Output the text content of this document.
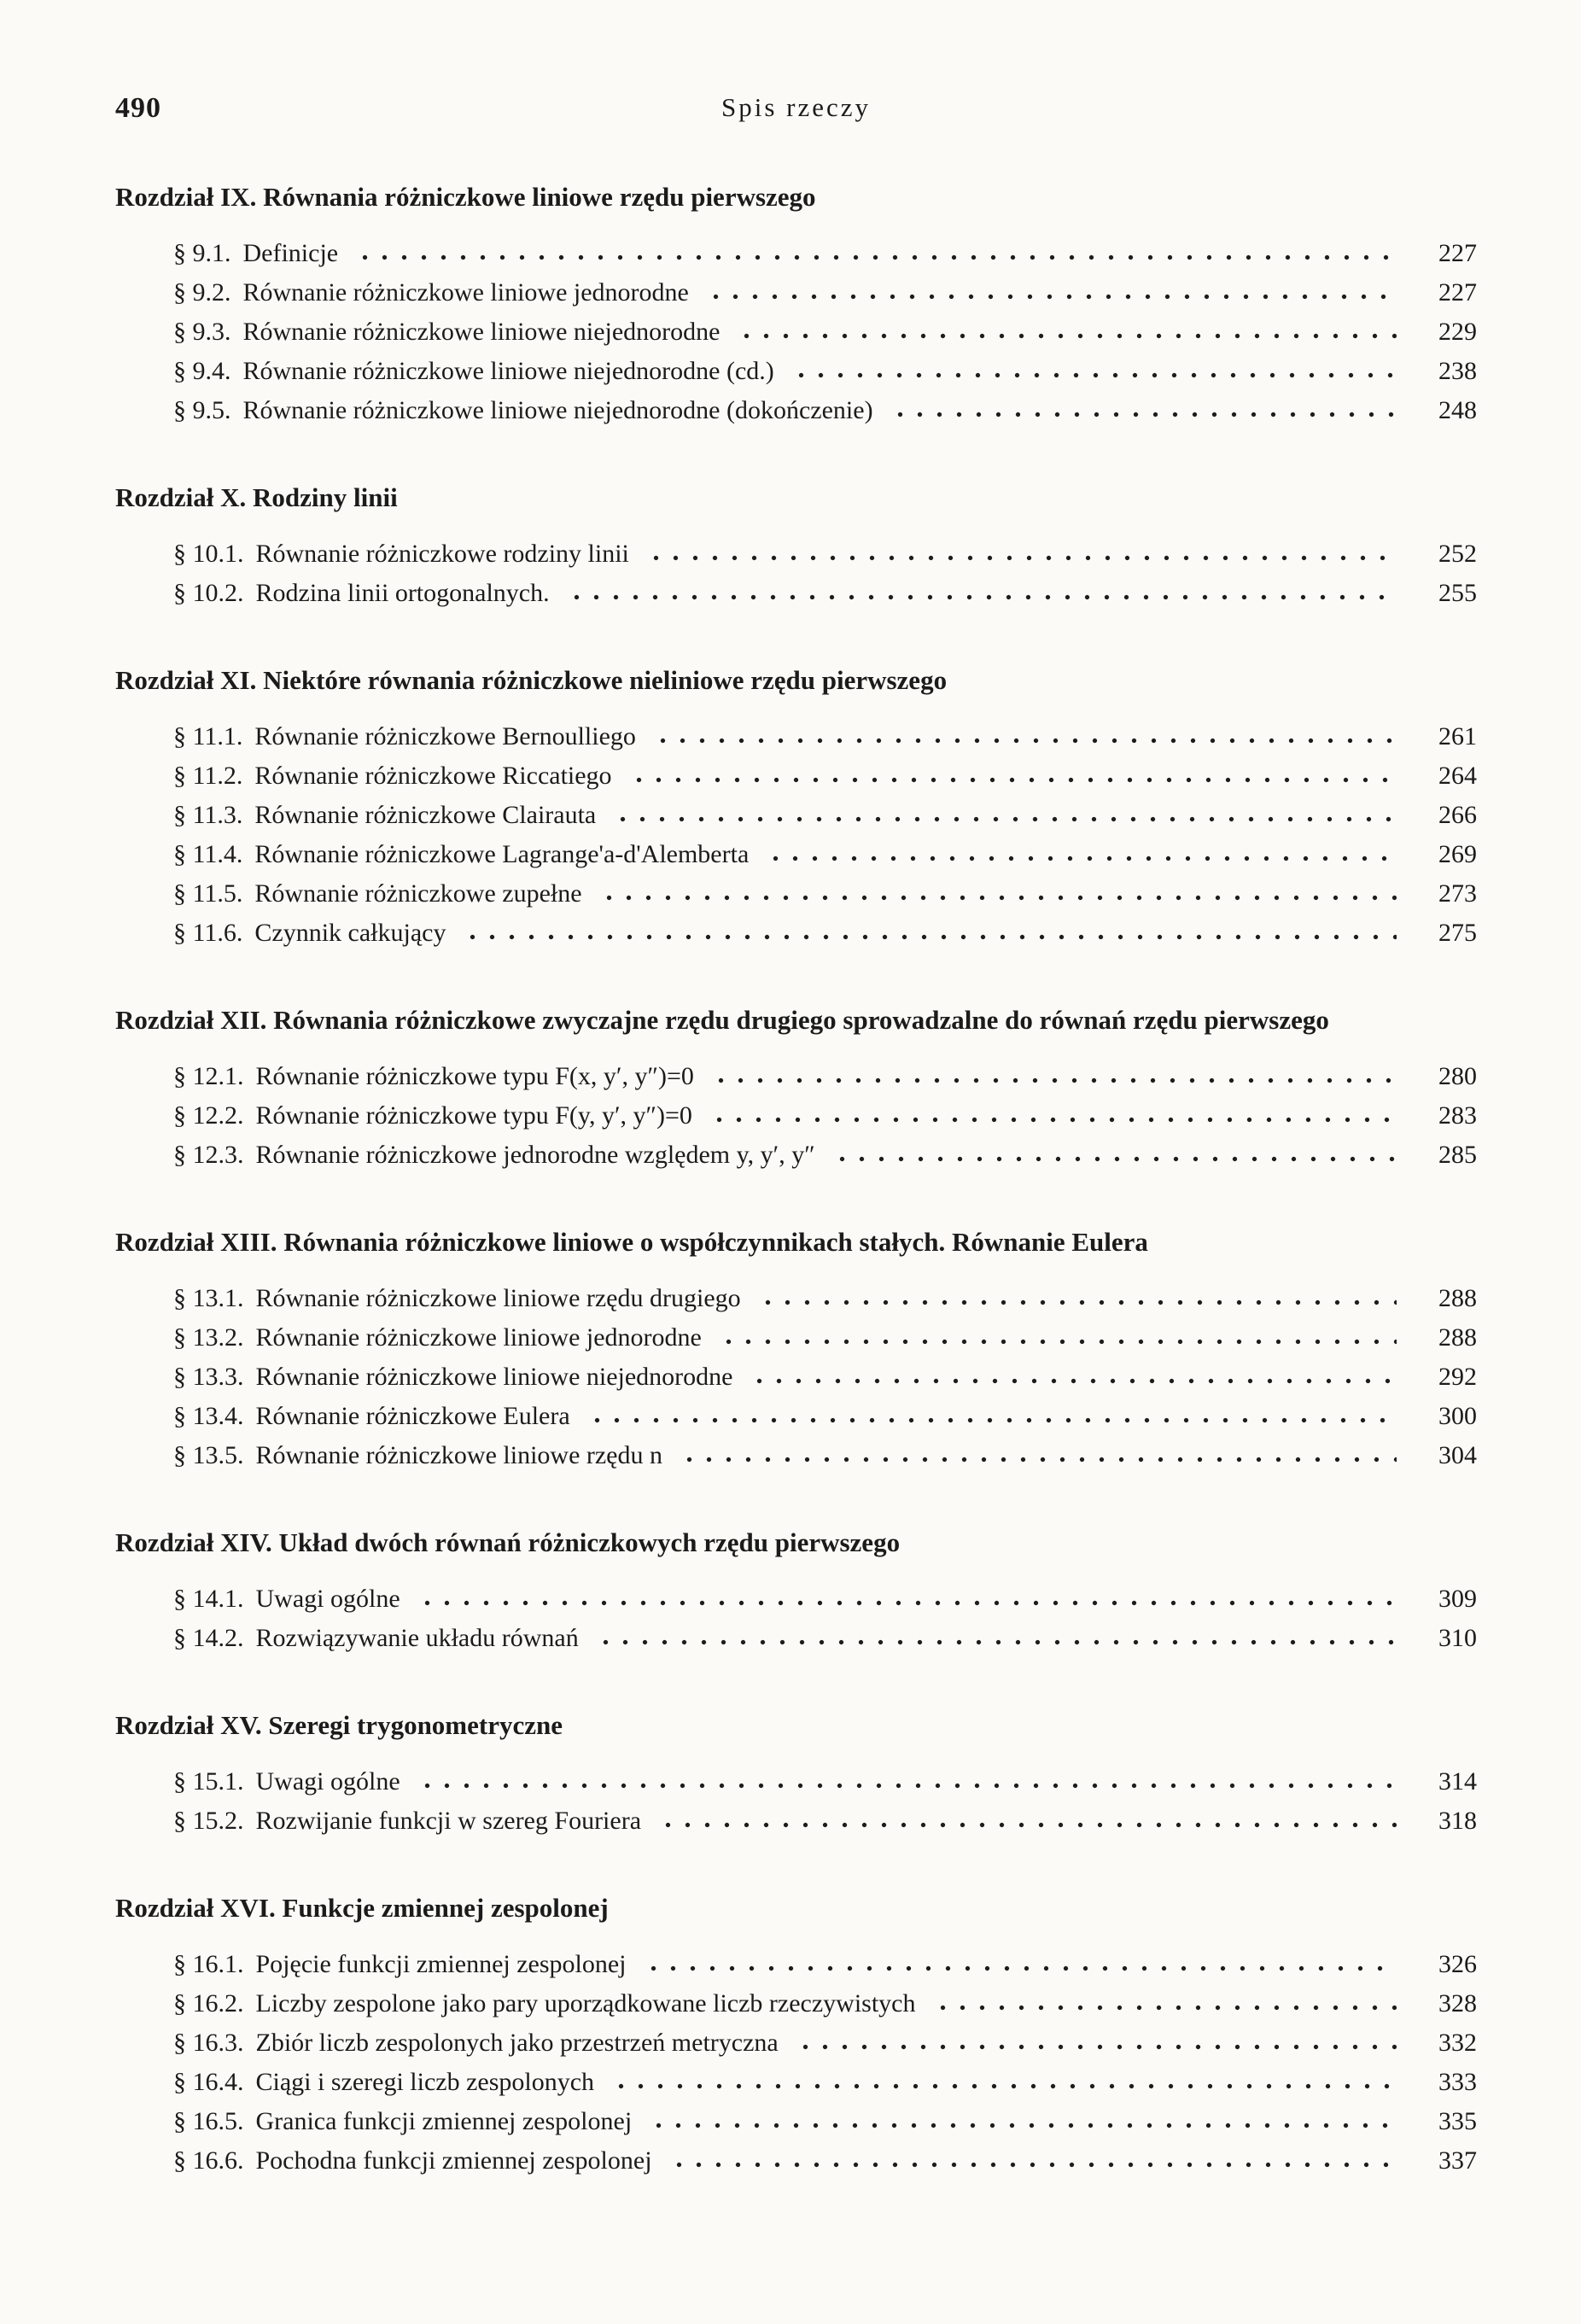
490	Spis rzeczy
Rozdział IX. Równania różniczkowe liniowe rzędu pierwszego
§ 9.1. Definicje	227
§ 9.2. Równanie różniczkowe liniowe jednorodne	227
§ 9.3. Równanie różniczkowe liniowe niejednorodne	229
§ 9.4. Równanie różniczkowe liniowe niejednorodne (cd.)	238
§ 9.5. Równanie różniczkowe liniowe niejednorodne (dokończenie)	248
Rozdział X. Rodziny linii
§ 10.1. Równanie różniczkowe rodziny linii	252
§ 10.2. Rodzina linii ortogonalnych.	255
Rozdział XI. Niektóre równania różniczkowe nieliniowe rzędu pierwszego
§ 11.1. Równanie różniczkowe Bernoulliego	261
§ 11.2. Równanie różniczkowe Riccatiego	264
§ 11.3. Równanie różniczkowe Clairauta	266
§ 11.4. Równanie różniczkowe Lagrange'a-d'Alemberta	269
§ 11.5. Równanie różniczkowe zupełne	273
§ 11.6. Czynnik całkujący	275
Rozdział XII. Równania różniczkowe zwyczajne rzędu drugiego sprowadzalne do równań rzędu pierwszego
§ 12.1. Równanie różniczkowe typu F(x, y′, y″)=0	280
§ 12.2. Równanie różniczkowe typu F(y, y′, y″)=0	283
§ 12.3. Równanie różniczkowe jednorodne względem y, y′, y″	285
Rozdział XIII. Równania różniczkowe liniowe o współczynnikach stałych. Równanie Eulera
§ 13.1. Równanie różniczkowe liniowe rzędu drugiego	288
§ 13.2. Równanie różniczkowe liniowe jednorodne	288
§ 13.3. Równanie różniczkowe liniowe niejednorodne	292
§ 13.4. Równanie różniczkowe Eulera	300
§ 13.5. Równanie różniczkowe liniowe rzędu n	304
Rozdział XIV. Układ dwóch równań różniczkowych rzędu pierwszego
§ 14.1. Uwagi ogólne	309
§ 14.2. Rozwiązywanie układu równań	310
Rozdział XV. Szeregi trygonometryczne
§ 15.1. Uwagi ogólne	314
§ 15.2. Rozwijanie funkcji w szereg Fouriera	318
Rozdział XVI. Funkcje zmiennej zespolonej
§ 16.1. Pojęcie funkcji zmiennej zespolonej	326
§ 16.2. Liczby zespolone jako pary uporządkowane liczb rzeczywistych	328
§ 16.3. Zbiór liczb zespolonych jako przestrzeń metryczna	332
§ 16.4. Ciągi i szeregi liczb zespolonych	333
§ 16.5. Granica funkcji zmiennej zespolonej	335
§ 16.6. Pochodna funkcji zmiennej zespolonej	337
